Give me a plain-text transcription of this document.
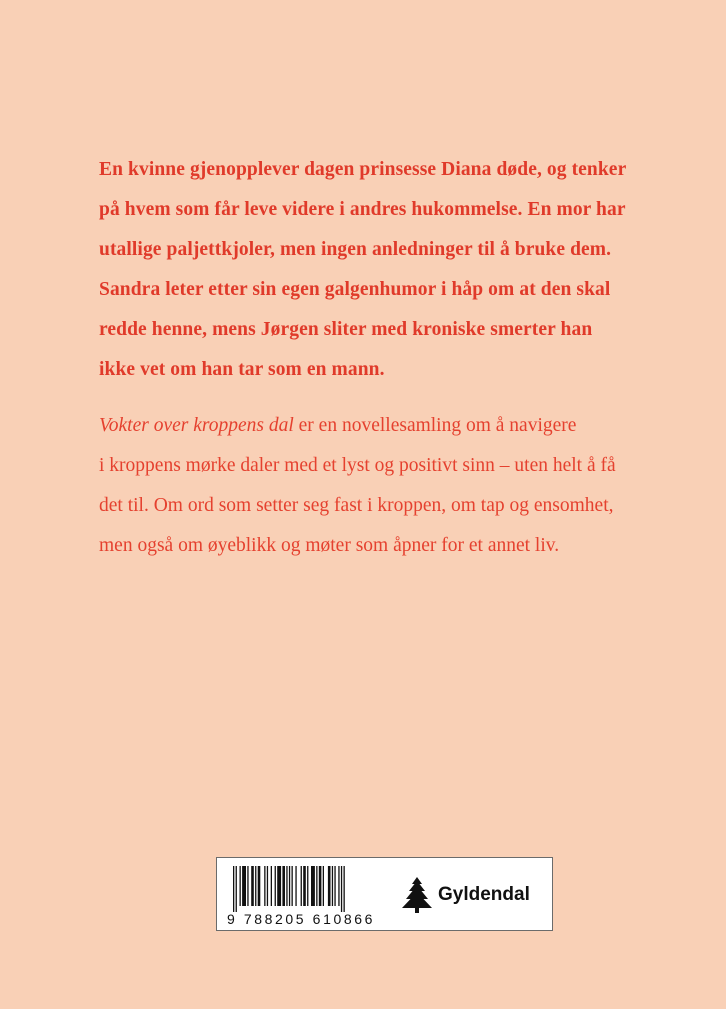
En kvinne gjenopplever dagen prinsesse Diana døde, og tenker
på hvem som får leve videre i andres hukommelse. En mor har
utallige paljettkjoler, men ingen anledninger til å bruke dem.
Sandra leter etter sin egen galgenhumor i håp om at den skal
redde henne, mens Jørgen sliter med kroniske smerter han
ikke vet om han tar som en mann.

Vokter over kroppens dal er en novellesamling om å navigere
i kroppens mørke daler med et lyst og positivt sinn – uten helt å få
det til. Om ord som setter seg fast i kroppen, om tap og ensomhet,
men også om øyeblikk og møter som åpner for et annet liv.

9 788205 610866
Gyldendal
